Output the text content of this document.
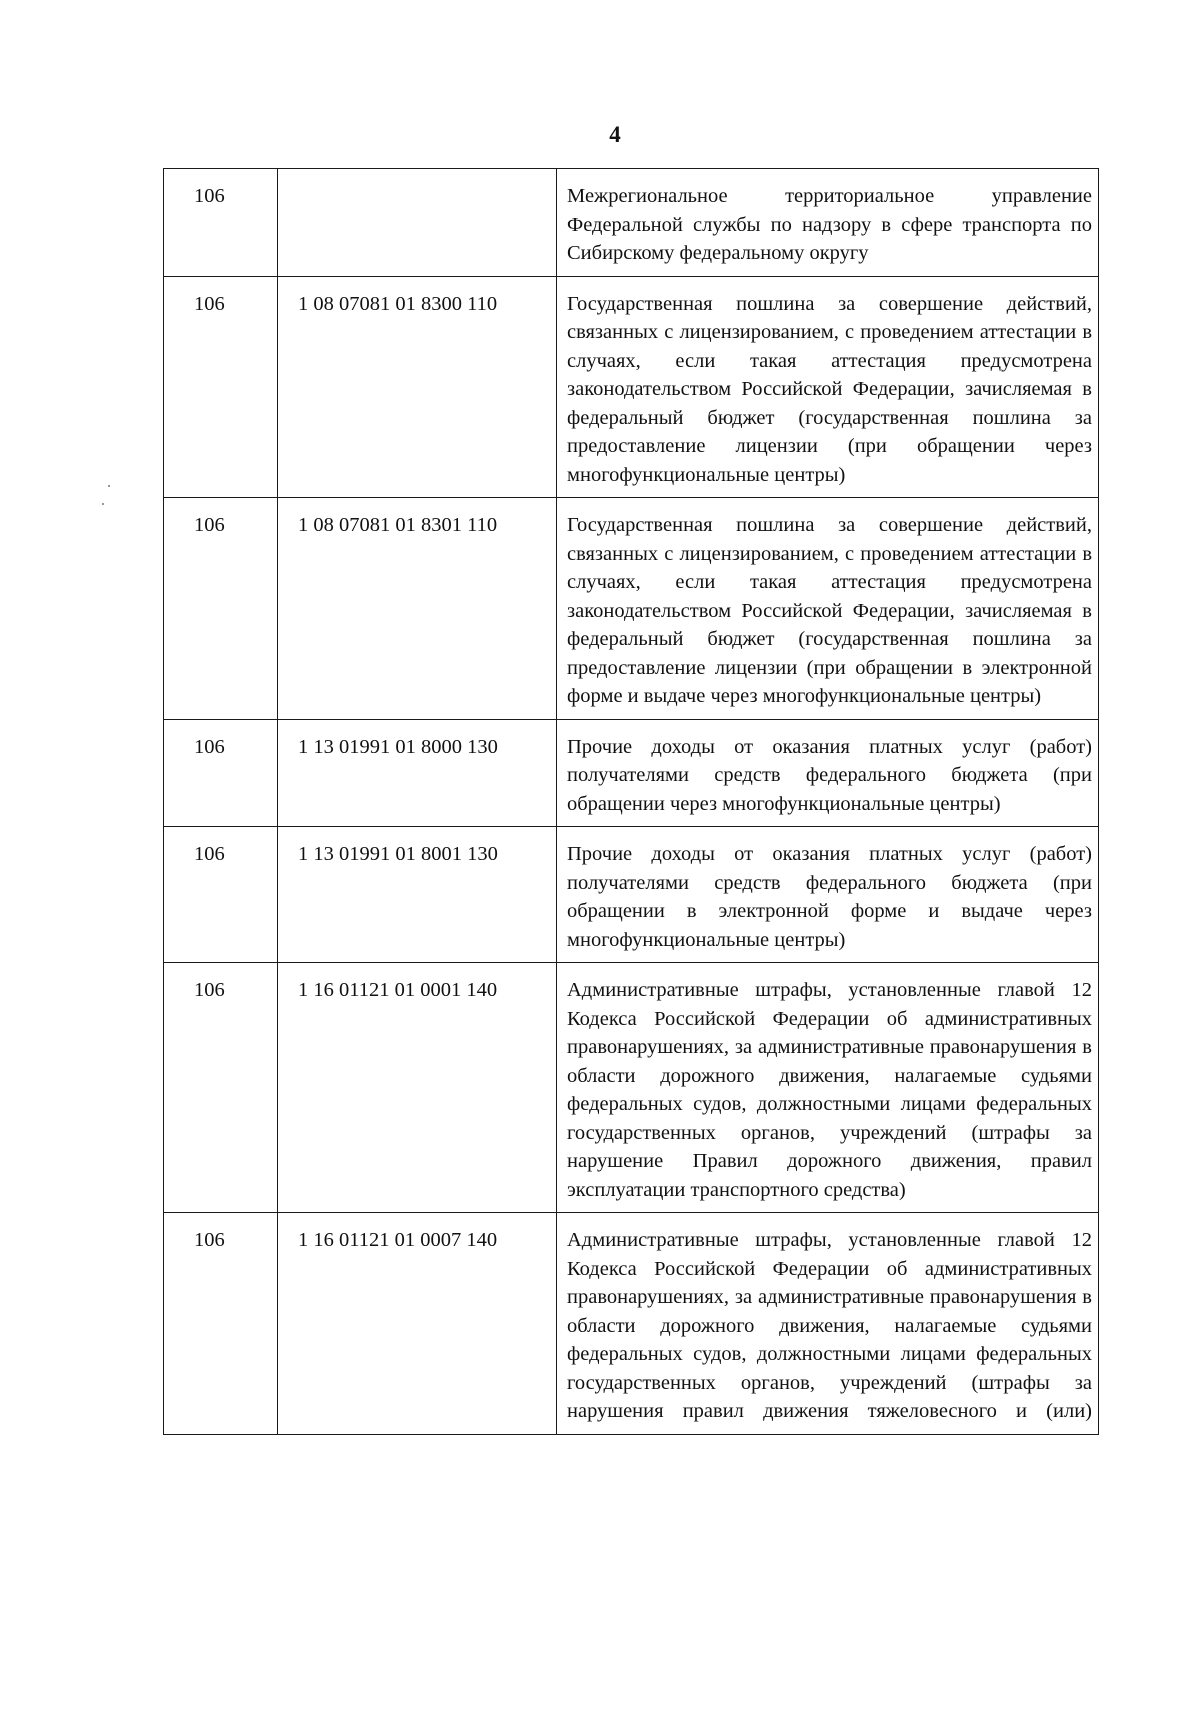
4
106		Межрегиональное территориальное управление Федеральной службы по надзору в сфере транспорта по Сибирскому федеральному округу
106	1 08 07081 01 8300 110	Государственная пошлина за совершение действий, связанных с лицензированием, с проведением аттестации в случаях, если такая аттестация предусмотрена законодательством Российской Федерации, зачисляемая в федеральный бюджет (государственная пошлина за предоставление лицензии (при обращении через многофункциональные центры)
106	1 08 07081 01 8301 110	Государственная пошлина за совершение действий, связанных с лицензированием, с проведением аттестации в случаях, если такая аттестация предусмотрена законодательством Российской Федерации, зачисляемая в федеральный бюджет (государственная пошлина за предоставление лицензии (при обращении в электронной форме и выдаче через многофункциональные центры)
106	1 13 01991 01 8000 130	Прочие доходы от оказания платных услуг (работ) получателями средств федерального бюджета (при обращении через многофункциональные центры)
106	1 13 01991 01 8001 130	Прочие доходы от оказания платных услуг (работ) получателями средств федерального бюджета (при обращении в электронной форме и выдаче через многофункциональные центры)
106	1 16 01121 01 0001 140	Административные штрафы, установленные главой 12 Кодекса Российской Федерации об административных правонарушениях, за административные правонарушения в области дорожного движения, налагаемые судьями федеральных судов, должностными лицами федеральных государственных органов, учреждений (штрафы за нарушение Правил дорожного движения, правил эксплуатации транспортного средства)
106	1 16 01121 01 0007 140	Административные штрафы, установленные главой 12 Кодекса Российской Федерации об административных правонарушениях, за административные правонарушения в области дорожного движения, налагаемые судьями федеральных судов, должностными лицами федеральных государственных органов, учреждений (штрафы за нарушения правил движения тяжеловесного и (или)
